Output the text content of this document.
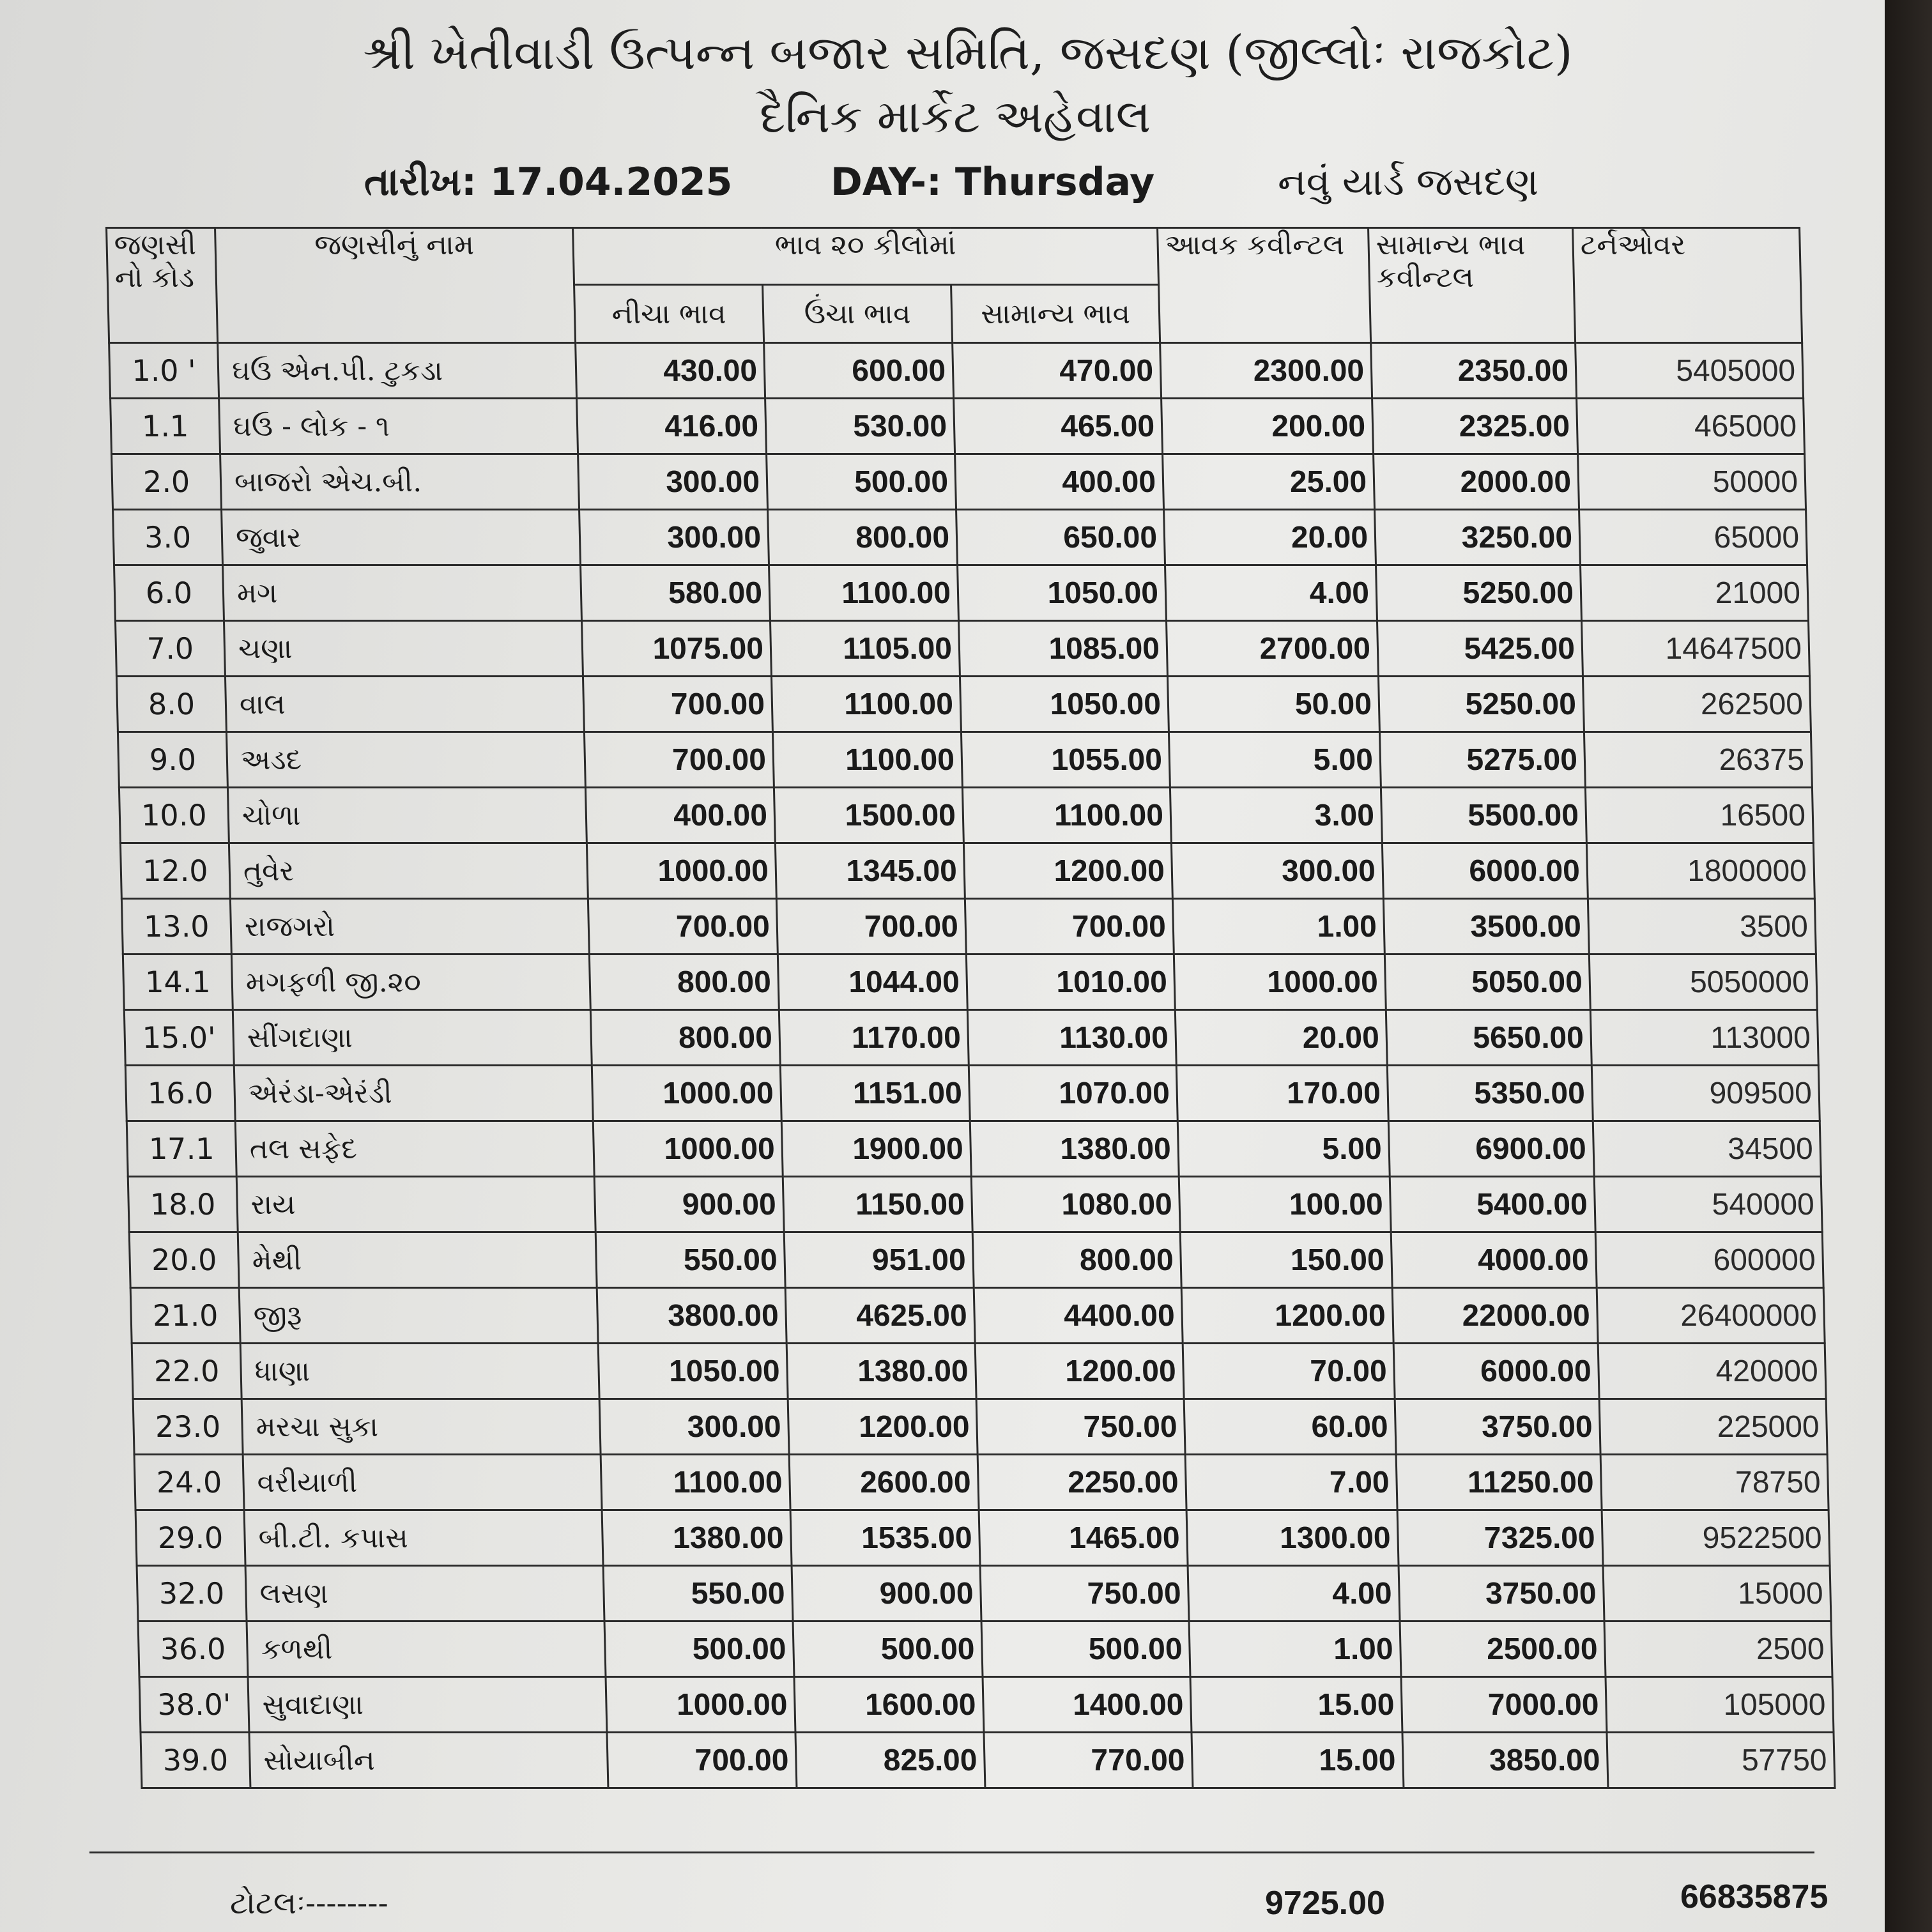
શ્રી ખેતીવાડી ઉત્પન્ન બજાર સમિતિ, જસદણ (જીલ્લોઃ રાજકોટ)
દૈનિક માર્કેટ અહેવાલ
તારીખ: 17.04.2025	DAY-: Thursday	નવું યાર્ડ જસદણ
જણસી નો કોડ	જણસીનું નામ	ભાવ ૨૦ કીલોમાં			આવક કવીન્ટલ	સામાન્ય ભાવ કવીન્ટલ	ટર્નઓવર
		નીચા ભાવ	ઉંચા ભાવ	સામાન્ય ભાવ			
1.0 '	ઘઉ એન.પી. ટુકડા	430.00	600.00	470.00	2300.00	2350.00	5405000
1.1	ઘઉ - લોક - ૧	416.00	530.00	465.00	200.00	2325.00	465000
2.0	બાજરો એચ.બી.	300.00	500.00	400.00	25.00	2000.00	50000
3.0	જુવાર	300.00	800.00	650.00	20.00	3250.00	65000
6.0	મગ	580.00	1100.00	1050.00	4.00	5250.00	21000
7.0	ચણા	1075.00	1105.00	1085.00	2700.00	5425.00	14647500
8.0	વાલ	700.00	1100.00	1050.00	50.00	5250.00	262500
9.0	અડદ	700.00	1100.00	1055.00	5.00	5275.00	26375
10.0	ચોળા	400.00	1500.00	1100.00	3.00	5500.00	16500
12.0	તુવેર	1000.00	1345.00	1200.00	300.00	6000.00	1800000
13.0	રાજગરો	700.00	700.00	700.00	1.00	3500.00	3500
14.1	મગફળી જી.૨૦	800.00	1044.00	1010.00	1000.00	5050.00	5050000
15.0'	સીંગદાણા	800.00	1170.00	1130.00	20.00	5650.00	113000
16.0	એરંડા-એરંડી	1000.00	1151.00	1070.00	170.00	5350.00	909500
17.1	તલ સફેદ	1000.00	1900.00	1380.00	5.00	6900.00	34500
18.0	રાય	900.00	1150.00	1080.00	100.00	5400.00	540000
20.0	મેથી	550.00	951.00	800.00	150.00	4000.00	600000
21.0	જીરૂ	3800.00	4625.00	4400.00	1200.00	22000.00	26400000
22.0	ધાણા	1050.00	1380.00	1200.00	70.00	6000.00	420000
23.0	મરચા સુકા	300.00	1200.00	750.00	60.00	3750.00	225000
24.0	વરીયાળી	1100.00	2600.00	2250.00	7.00	11250.00	78750
29.0	બી.ટી. કપાસ	1380.00	1535.00	1465.00	1300.00	7325.00	9522500
32.0	લસણ	550.00	900.00	750.00	4.00	3750.00	15000
36.0	કળથી	500.00	500.00	500.00	1.00	2500.00	2500
38.0'	સુવાદાણા	1000.00	1600.00	1400.00	15.00	7000.00	105000
39.0	સોયાબીન	700.00	825.00	770.00	15.00	3850.00	57750
ટોટલઃ--------	9725.00	66835875
